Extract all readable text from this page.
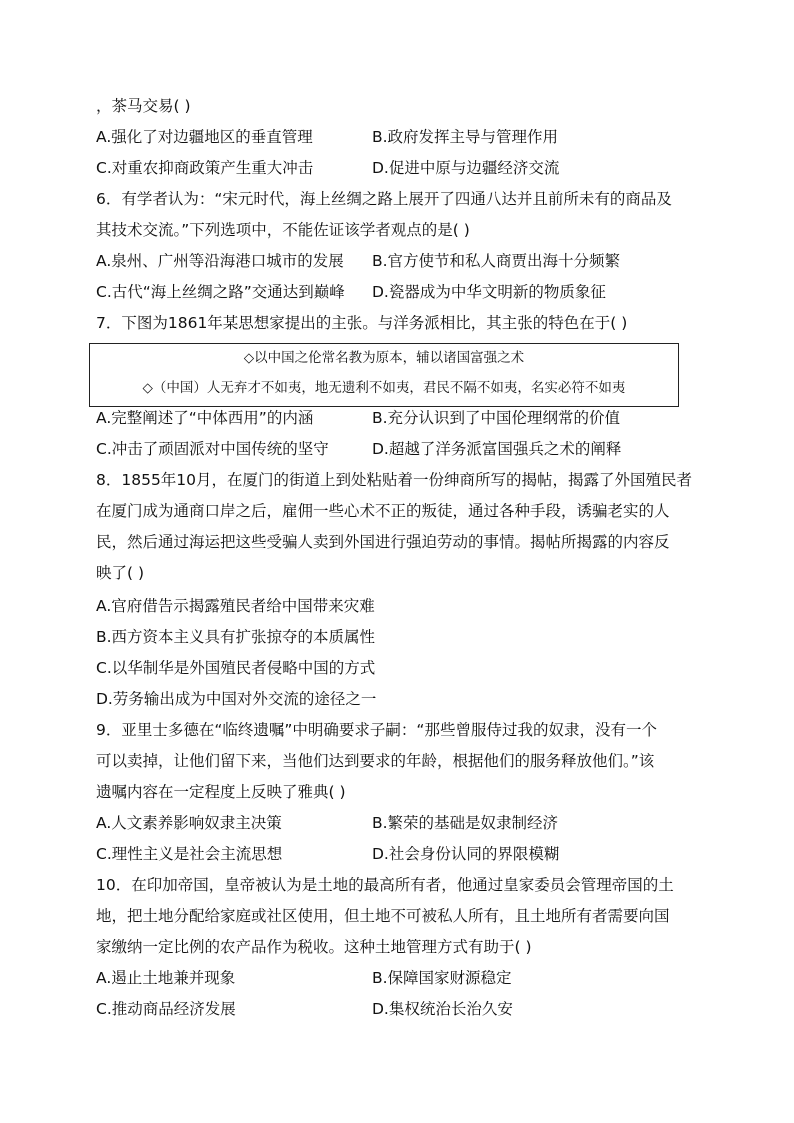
，茶马交易( )
A.强化了对边疆地区的垂直管理	B.政府发挥主导与管理作用
C.对重农抑商政策产生重大冲击	D.促进中原与边疆经济交流
6．有学者认为：“宋元时代，海上丝绸之路上展开了四通八达并且前所未有的商品及
其技术交流。”下列选项中，不能佐证该学者观点的是( )
A.泉州、广州等沿海港口城市的发展 B.官方使节和私人商贾出海十分频繁
C.古代“海上丝绸之路”交通达到巅峰 D.瓷器成为中华文明新的物质象征
7．下图为1861年某思想家提出的主张。与洋务派相比，其主张的特色在于( )
◇以中国之伦常名教为原本，辅以诸国富强之术
◇（中国）人无弃才不如夷，地无遗利不如夷，君民不隔不如夷，名实必符不如夷
A.完整阐述了“中体西用”的内涵	B.充分认识到了中国伦理纲常的价值
C.冲击了顽固派对中国传统的坚守	D.超越了洋务派富国强兵之术的阐释
8．1855年10月，在厦门的街道上到处粘贴着一份绅商所写的揭帖，揭露了外国殖民者
在厦门成为通商口岸之后，雇佣一些心术不正的叛徒，通过各种手段，诱骗老实的人
民，然后通过海运把这些受骗人卖到外国进行强迫劳动的事情。揭帖所揭露的内容反
映了( )
A.官府借告示揭露殖民者给中国带来灾难
B.西方资本主义具有扩张掠夺的本质属性
C.以华制华是外国殖民者侵略中国的方式
D.劳务输出成为中国对外交流的途径之一
9．亚里士多德在“临终遗嘱”中明确要求子嗣：“那些曾服侍过我的奴隶，没有一个
可以卖掉，让他们留下来，当他们达到要求的年龄，根据他们的服务释放他们。”该
遗嘱内容在一定程度上反映了雅典( )
A.人文素养影响奴隶主决策	B.繁荣的基础是奴隶制经济
C.理性主义是社会主流思想	D.社会身份认同的界限模糊
10．在印加帝国，皇帝被认为是土地的最高所有者，他通过皇家委员会管理帝国的土
地，把土地分配给家庭或社区使用，但土地不可被私人所有，且土地所有者需要向国
家缴纳一定比例的农产品作为税收。这种土地管理方式有助于( )
A.遏止土地兼并现象	B.保障国家财源稳定
C.推动商品经济发展	D.集权统治长治久安
